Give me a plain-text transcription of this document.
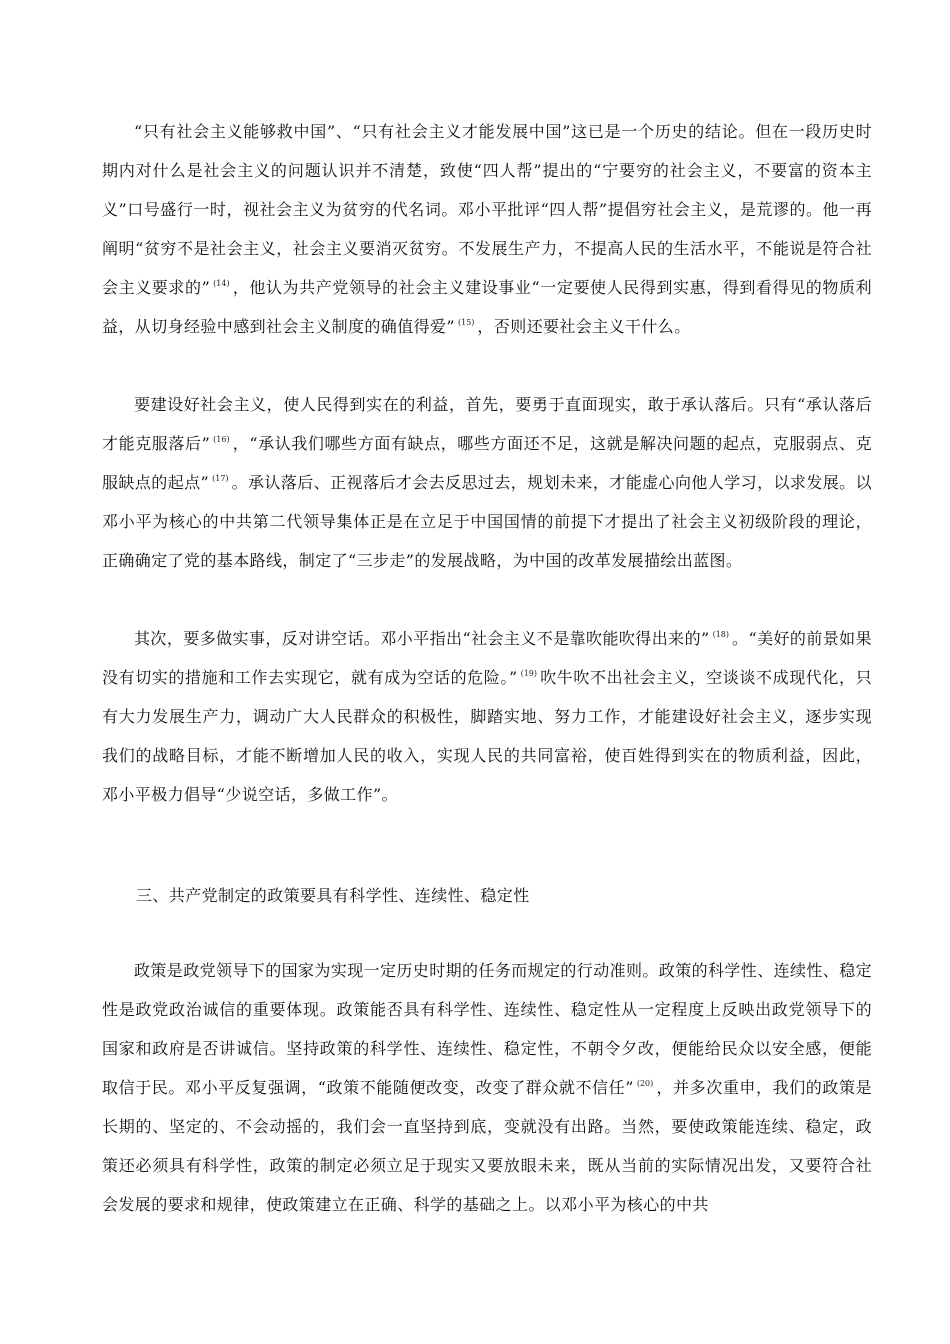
“只有社会主义能够救中国”、“只有社会主义才能发展中国”这已是一个历史的结论。但在一段历史时期内对什么是社会主义的问题认识并不清楚，致使“四人帮”提出的“宁要穷的社会主义，不要富的资本主义”口号盛行一时，视社会主义为贫穷的代名词。邓小平批评“四人帮”提倡穷社会主义，是荒谬的。他一再阐明“贫穷不是社会主义，社会主义要消灭贫穷。不发展生产力，不提高人民的生活水平，不能说是符合社会主义要求的” $^{(14)}$ ，他认为共产党领导的社会主义建设事业“一定要使人民得到实惠，得到看得见的物质利益，从切身经验中感到社会主义制度的确值得爱” $^{(15)}$ ，否则还要社会主义干什么。

要建设好社会主义，使人民得到实在的利益，首先，要勇于直面现实，敢于承认落后。只有“承认落后才能克服落后” $^{(16)}$ ，“承认我们哪些方面有缺点，哪些方面还不足，这就是解决问题的起点，克服弱点、克服缺点的起点” $^{(17)}$ 。承认落后、正视落后才会去反思过去，规划未来，才能虚心向他人学习，以求发展。以邓小平为核心的中共第二代领导集体正是在立足于中国国情的前提下才提出了社会主义初级阶段的理论，正确确定了党的基本路线，制定了“三步走”的发展战略，为中国的改革发展描绘出蓝图。

其次，要多做实事，反对讲空话。邓小平指出“社会主义不是靠吹能吹得出来的” $^{(18)}$ 。“美好的前景如果没有切实的措施和工作去实现它，就有成为空话的危险。” $^{(19)}$ 吹牛吹不出社会主义，空谈谈不成现代化，只有大力发展生产力，调动广大人民群众的积极性，脚踏实地、努力工作，才能建设好社会主义，逐步实现我们的战略目标，才能不断增加人民的收入，实现人民的共同富裕，使百姓得到实在的物质利益，因此，邓小平极力倡导“少说空话，多做工作”。

三、共产党制定的政策要具有科学性、连续性、稳定性

政策是政党领导下的国家为实现一定历史时期的任务而规定的行动准则。政策的科学性、连续性、稳定性是政党政治诚信的重要体现。政策能否具有科学性、连续性、稳定性从一定程度上反映出政党领导下的国家和政府是否讲诚信。坚持政策的科学性、连续性、稳定性，不朝令夕改，便能给民众以安全感，便能取信于民。邓小平反复强调，“政策不能随便改变，改变了群众就不信任” $^{(20)}$ ，并多次重申，我们的政策是长期的、坚定的、不会动摇的，我们会一直坚持到底，变就没有出路。当然，要使政策能连续、稳定，政策还必须具有科学性，政策的制定必须立足于现实又要放眼未来，既从当前的实际情况出发，又要符合社会发展的要求和规律，使政策建立在正确、科学的基础之上。以邓小平为核心的中共
